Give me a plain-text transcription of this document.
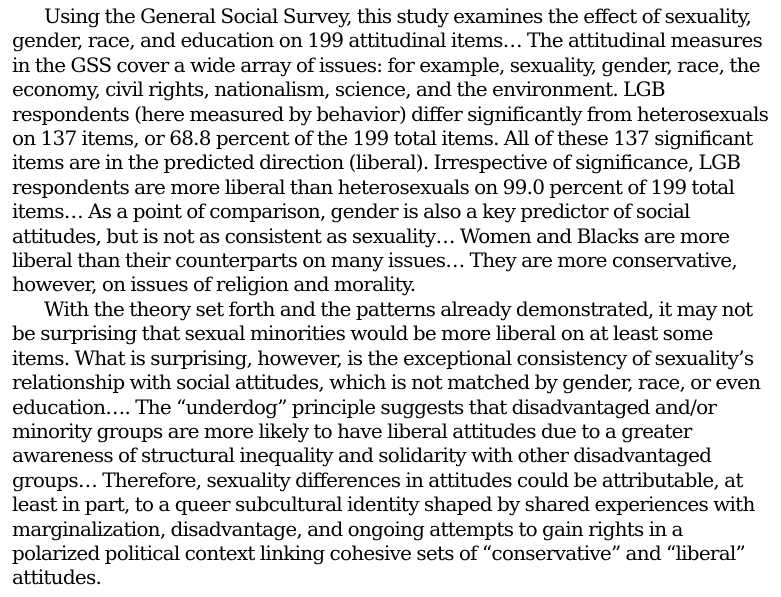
Using the General Social Survey, this study examines the effect of sexuality,
gender, race, and education on 199 attitudinal items… The attitudinal measures
in the GSS cover a wide array of issues: for example, sexuality, gender, race, the
economy, civil rights, nationalism, science, and the environment. LGB
respondents (here measured by behavior) differ significantly from heterosexuals
on 137 items, or 68.8 percent of the 199 total items. All of these 137 significant
items are in the predicted direction (liberal). Irrespective of significance, LGB
respondents are more liberal than heterosexuals on 99.0 percent of 199 total
items… As a point of comparison, gender is also a key predictor of social
attitudes, but is not as consistent as sexuality… Women and Blacks are more
liberal than their counterparts on many issues… They are more conservative,
however, on issues of religion and morality.
With the theory set forth and the patterns already demonstrated, it may not
be surprising that sexual minorities would be more liberal on at least some
items. What is surprising, however, is the exceptional consistency of sexuality’s
relationship with social attitudes, which is not matched by gender, race, or even
education…. The “underdog” principle suggests that disadvantaged and/or
minority groups are more likely to have liberal attitudes due to a greater
awareness of structural inequality and solidarity with other disadvantaged
groups… Therefore, sexuality differences in attitudes could be attributable, at
least in part, to a queer subcultural identity shaped by shared experiences with
marginalization, disadvantage, and ongoing attempts to gain rights in a
polarized political context linking cohesive sets of “conservative” and “liberal”
attitudes.
